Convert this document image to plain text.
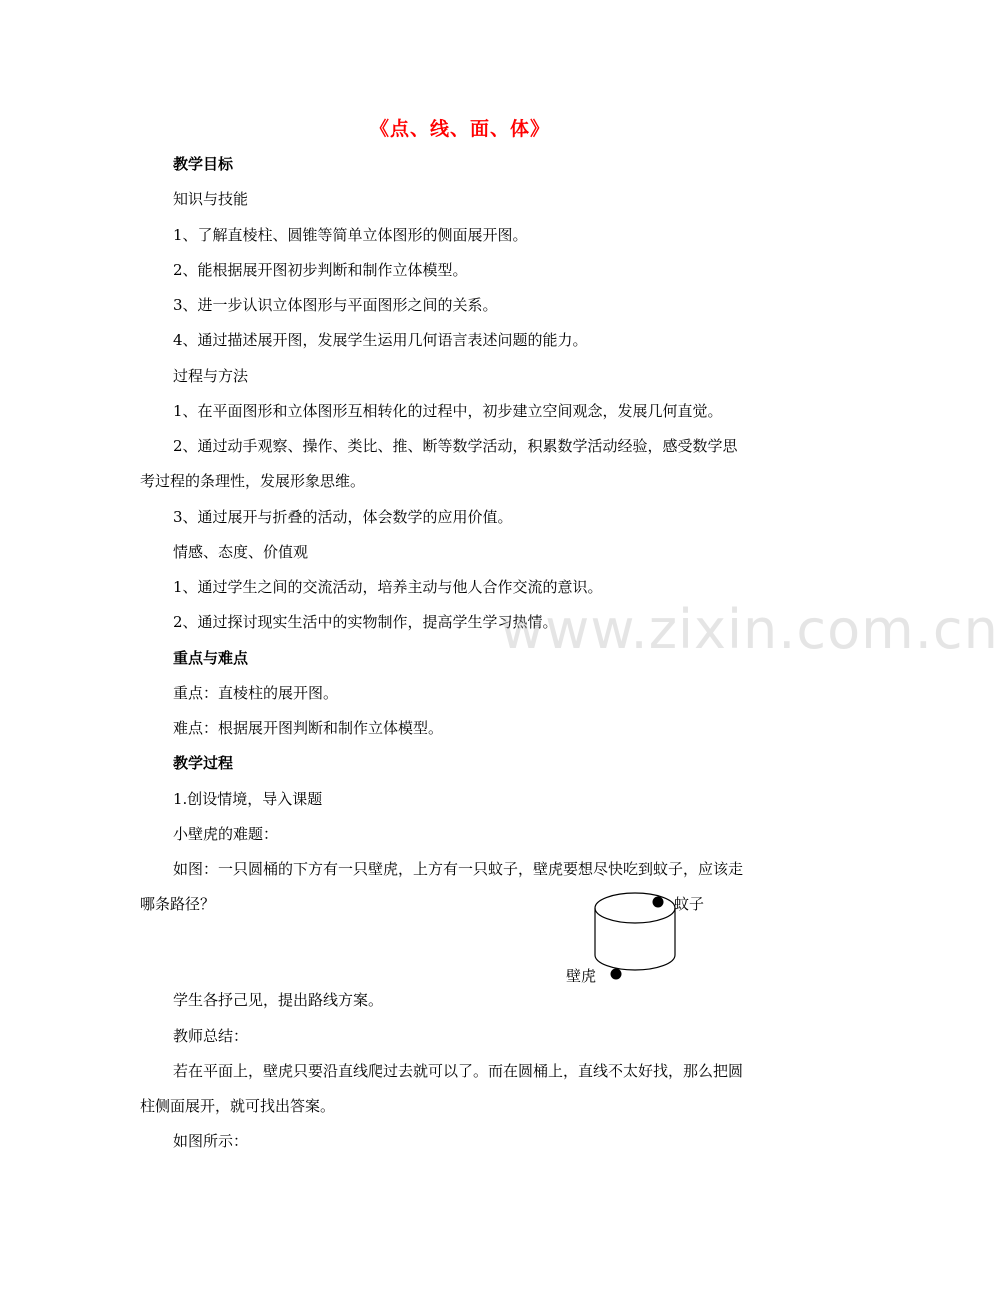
《点、线、面、体》
教学目标
知识与技能
1、了解直棱柱、圆锥等简单立体图形的侧面展开图。
2、能根据展开图初步判断和制作立体模型。
3、进一步认识立体图形与平面图形之间的关系。
4、通过描述展开图，发展学生运用几何语言表述问题的能力。
过程与方法
1、在平面图形和立体图形互相转化的过程中，初步建立空间观念，发展几何直觉。
2、通过动手观察、操作、类比、推、断等数学活动，积累数学活动经验，感受数学思
考过程的条理性，发展形象思维。
3、通过展开与折叠的活动，体会数学的应用价值。
情感、态度、价值观
1、通过学生之间的交流活动，培养主动与他人合作交流的意识。
2、通过探讨现实生活中的实物制作，提高学生学习热情。
重点与难点
重点：直棱柱的展开图。
难点：根据展开图判断和制作立体模型。
教学过程
1.创设情境，导入课题
小壁虎的难题：
如图：一只圆桶的下方有一只壁虎，上方有一只蚊子，壁虎要想尽快吃到蚊子，应该走
哪条路径？	蚊子
壁虎
学生各抒己见，提出路线方案。
教师总结：
若在平面上，壁虎只要沿直线爬过去就可以了。而在圆桶上，直线不太好找，那么把圆
柱侧面展开，就可找出答案。
如图所示：
www.zixin.com.cn
